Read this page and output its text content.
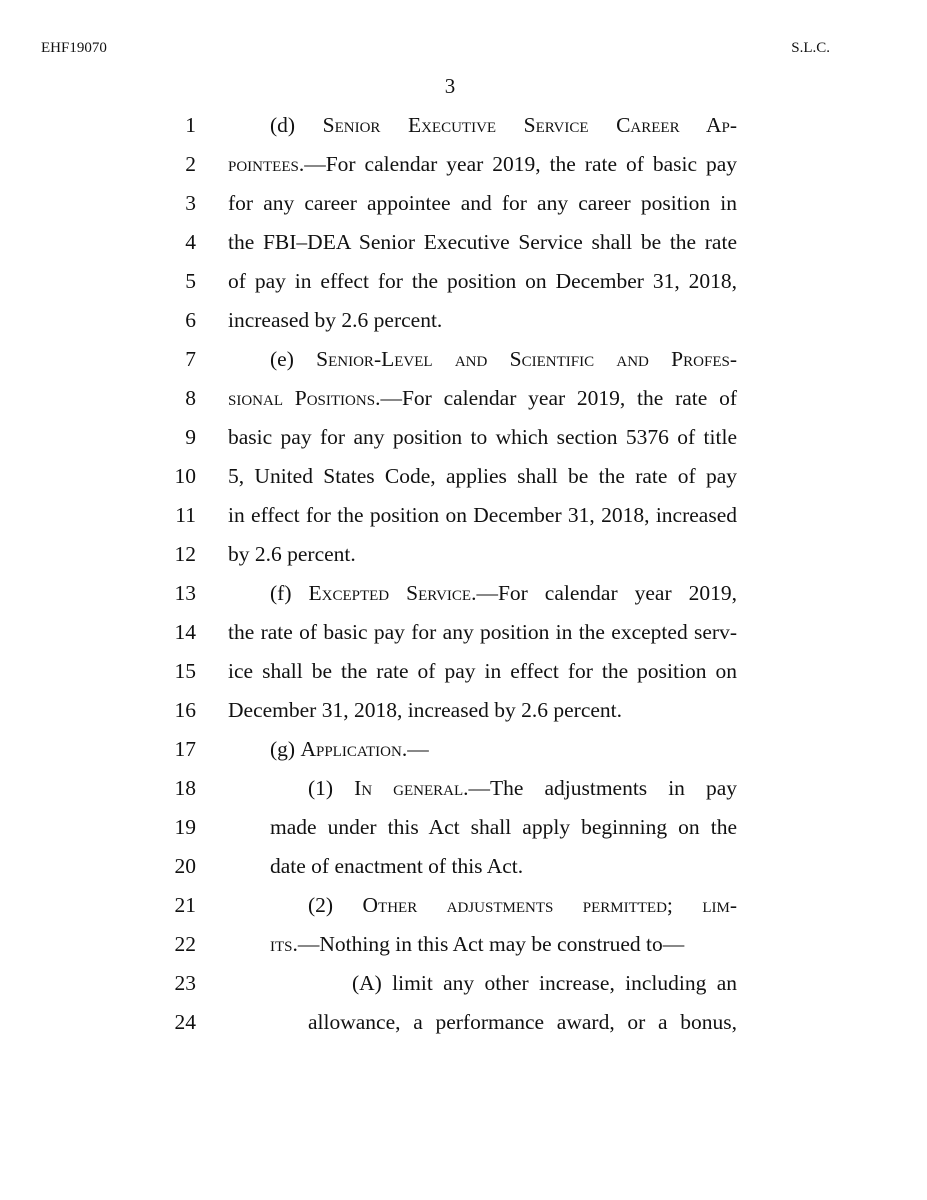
EHF19070	S.L.C.
3
1	(d) Senior Executive Service Career Ap-
2 pointees.—For calendar year 2019, the rate of basic pay
3 for any career appointee and for any career position in
4 the FBI–DEA Senior Executive Service shall be the rate
5 of pay in effect for the position on December 31, 2018,
6 increased by 2.6 percent.
7	(e) Senior-Level and Scientific and Profes-
8 sional Positions.—For calendar year 2019, the rate of
9 basic pay for any position to which section 5376 of title
10 5, United States Code, applies shall be the rate of pay
11 in effect for the position on December 31, 2018, increased
12 by 2.6 percent.
13	(f) Excepted Service.—For calendar year 2019,
14 the rate of basic pay for any position in the excepted serv-
15 ice shall be the rate of pay in effect for the position on
16 December 31, 2018, increased by 2.6 percent.
17	(g) Application.—
18	(1) In general.—The adjustments in pay
19	made under this Act shall apply beginning on the
20	date of enactment of this Act.
21	(2) Other adjustments permitted; lim-
22	its.—Nothing in this Act may be construed to—
23	(A) limit any other increase, including an
24	allowance, a performance award, or a bonus,
